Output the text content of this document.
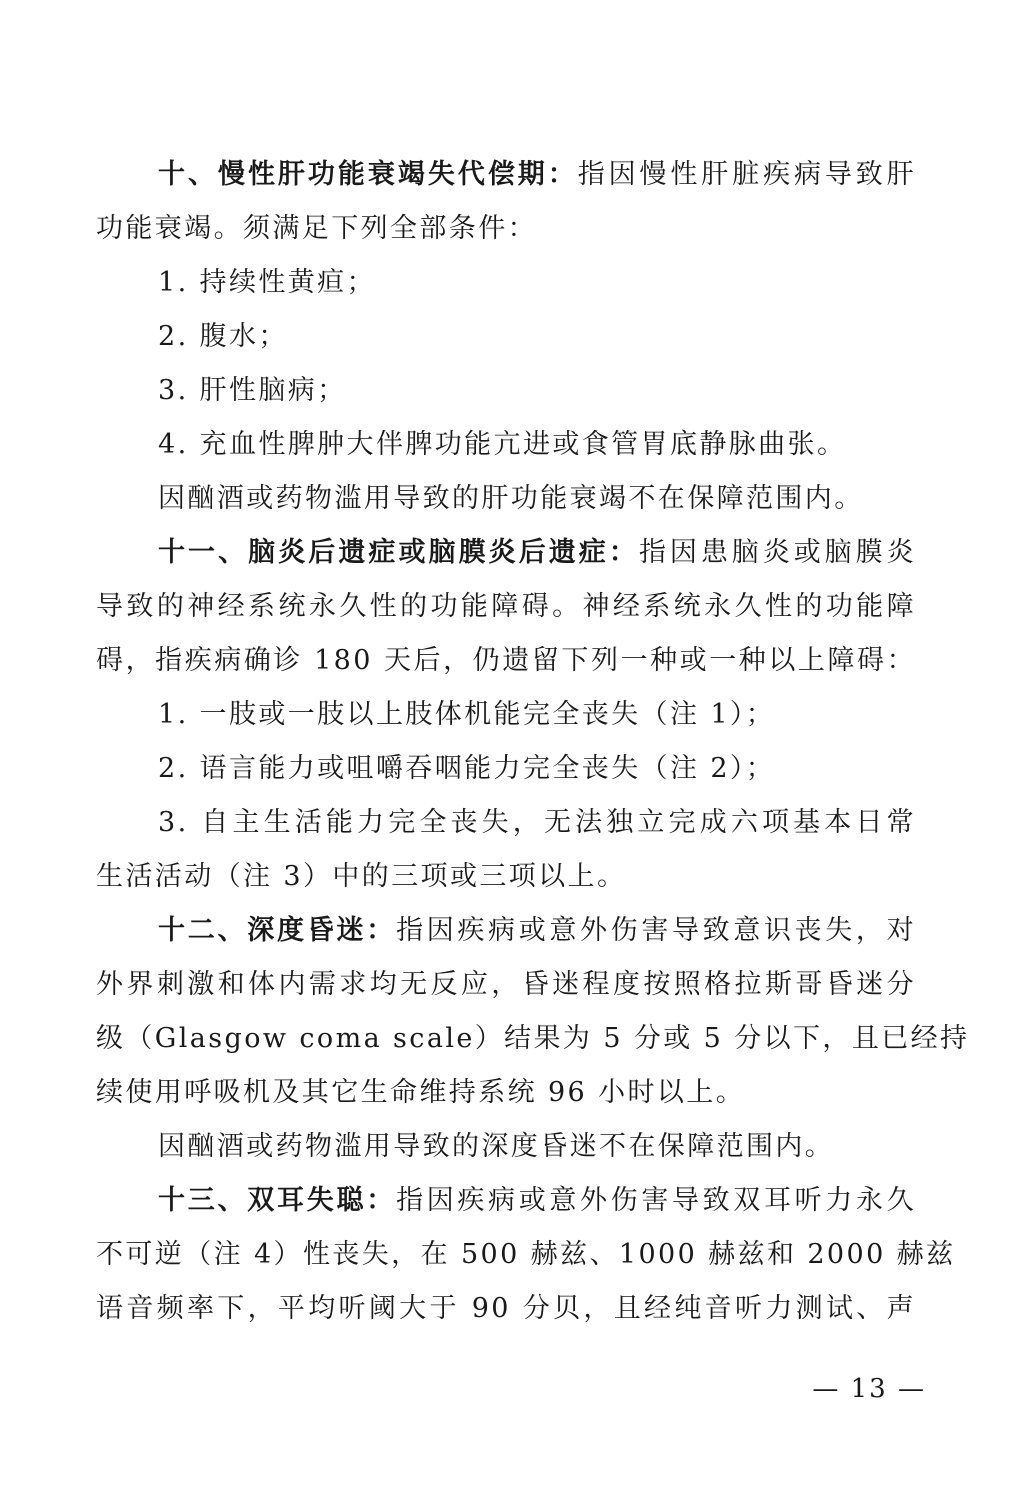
十、慢性肝功能衰竭失代偿期：指因慢性肝脏疾病导致肝
功能衰竭。须满足下列全部条件：
1. 持续性黄疸；
2. 腹水；
3. 肝性脑病；
4. 充血性脾肿大伴脾功能亢进或食管胃底静脉曲张。
因酗酒或药物滥用导致的肝功能衰竭不在保障范围内。
十一、脑炎后遗症或脑膜炎后遗症：指因患脑炎或脑膜炎
导致的神经系统永久性的功能障碍。神经系统永久性的功能障
碍，指疾病确诊 180 天后，仍遗留下列一种或一种以上障碍：
1. 一肢或一肢以上肢体机能完全丧失（注 1）；
2. 语言能力或咀嚼吞咽能力完全丧失（注 2）；
3. 自主生活能力完全丧失，无法独立完成六项基本日常
生活活动（注 3）中的三项或三项以上。
十二、深度昏迷：指因疾病或意外伤害导致意识丧失，对
外界刺激和体内需求均无反应，昏迷程度按照格拉斯哥昏迷分
级（Glasgow coma scale）结果为 5 分或 5 分以下，且已经持
续使用呼吸机及其它生命维持系统 96 小时以上。
因酗酒或药物滥用导致的深度昏迷不在保障范围内。
十三、双耳失聪：指因疾病或意外伤害导致双耳听力永久
不可逆（注 4）性丧失，在 500 赫兹、1000 赫兹和 2000 赫兹
语音频率下，平均听阈大于 90 分贝，且经纯音听力测试、声
— 13 —
